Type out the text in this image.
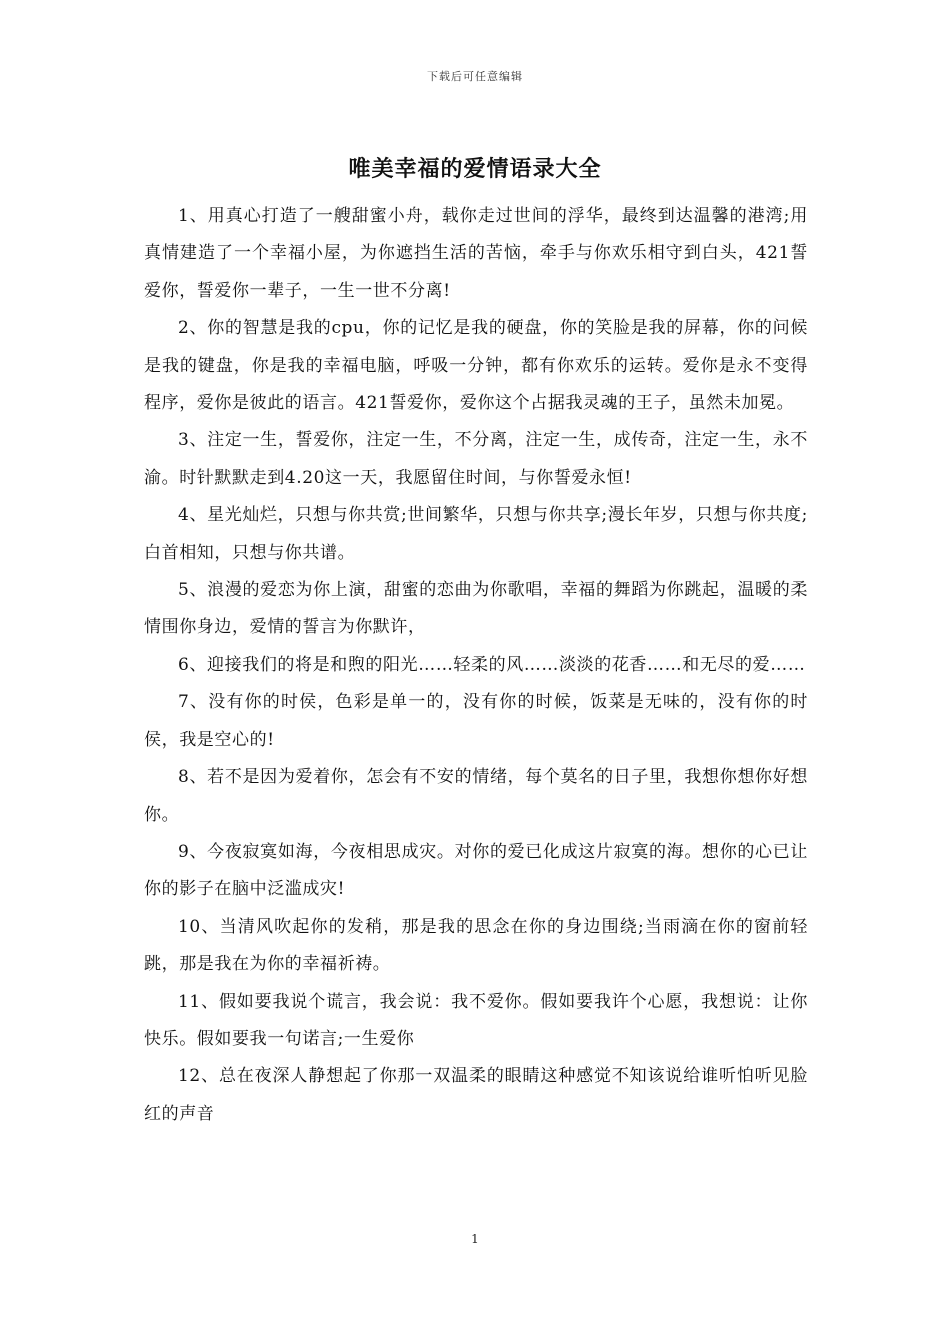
下载后可任意编辑
唯美幸福的爱情语录大全

1、用真心打造了一艘甜蜜小舟，载你走过世间的浮华，最终到达温馨的港湾;用真情建造了一个幸福小屋，为你遮挡生活的苦恼，牵手与你欢乐相守到白头，421誓爱你，誓爱你一辈子，一生一世不分离!

2、你的智慧是我的cpu，你的记忆是我的硬盘，你的笑脸是我的屏幕，你的问候是我的键盘，你是我的幸福电脑，呼吸一分钟，都有你欢乐的运转。爱你是永不变得程序，爱你是彼此的语言。421誓爱你，爱你这个占据我灵魂的王子，虽然未加冕。

3、注定一生，誓爱你，注定一生，不分离，注定一生，成传奇，注定一生，永不渝。时针默默走到4.20这一天，我愿留住时间，与你誓爱永恒!

4、星光灿烂，只想与你共赏;世间繁华，只想与你共享;漫长年岁，只想与你共度;白首相知，只想与你共谱。

5、浪漫的爱恋为你上演，甜蜜的恋曲为你歌唱，幸福的舞蹈为你跳起，温暖的柔情围你身边，爱情的誓言为你默许，

6、迎接我们的将是和煦的阳光……轻柔的风……淡淡的花香……和无尽的爱……

7、没有你的时侯，色彩是单一的，没有你的时候，饭菜是无味的，没有你的时侯，我是空心的!

8、若不是因为爱着你，怎会有不安的情绪，每个莫名的日子里，我想你想你好想你。

9、今夜寂寞如海，今夜相思成灾。对你的爱已化成这片寂寞的海。想你的心已让你的影子在脑中泛滥成灾!

10、当清风吹起你的发稍，那是我的思念在你的身边围绕;当雨滴在你的窗前轻跳，那是我在为你的幸福祈祷。

11、假如要我说个谎言，我会说：我不爱你。假如要我许个心愿，我想说：让你快乐。假如要我一句诺言;一生爱你

12、总在夜深人静想起了你那一双温柔的眼睛这种感觉不知该说给谁听怕听见脸红的声音

1
